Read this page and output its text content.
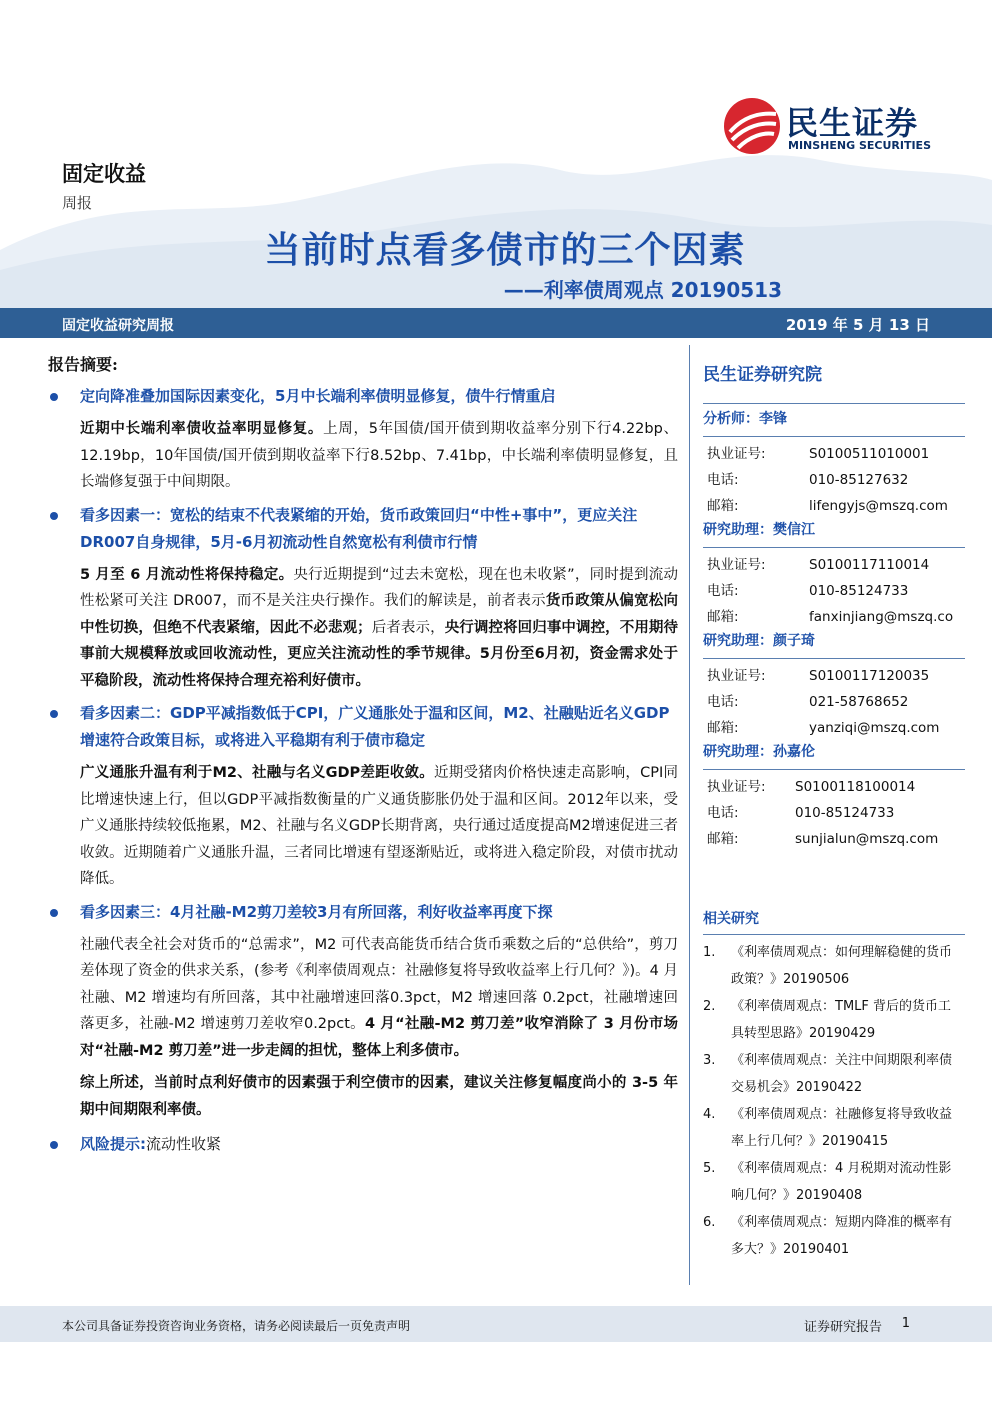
民生证券
MINSHENG SECURITIES
固定收益
周报
当前时点看多债市的三个因素
——利率债周观点 20190513
固定收益研究周报	2019 年 5 月 13 日
报告摘要:
定向降准叠加国际因素变化，5月中长端利率债明显修复，债牛行情重启
近期中长端利率债收益率明显修复。上周，5年国债/国开债到期收益率分别下行4.22bp、12.19bp，10年国债/国开债到期收益率下行8.52bp、7.41bp，中长端利率债明显修复，且长端修复强于中间期限。
看多因素一：宽松的结束不代表紧缩的开始，货币政策回归“中性+事中”，更应关注DR007自身规律，5月-6月初流动性自然宽松有利债市行情
5 月至 6 月流动性将保持稳定。央行近期提到“过去未宽松，现在也未收紧”，同时提到流动性松紧可关注 DR007，而不是关注央行操作。我们的解读是，前者表示货币政策从偏宽松向中性切换，但绝不代表紧缩，因此不必悲观；后者表示，央行调控将回归事中调控，不用期待事前大规模释放或回收流动性，更应关注流动性的季节规律。5月份至6月初，资金需求处于平稳阶段，流动性将保持合理充裕利好债市。
看多因素二：GDP平减指数低于CPI，广义通胀处于温和区间，M2、社融贴近名义GDP增速符合政策目标，或将进入平稳期有利于债市稳定
广义通胀升温有利于M2、社融与名义GDP差距收敛。近期受猪肉价格快速走高影响，CPI同比增速快速上行，但以GDP平减指数衡量的广义通货膨胀仍处于温和区间。2012年以来，受广义通胀持续较低拖累，M2、社融与名义GDP长期背离，央行通过适度提高M2增速促进三者收敛。近期随着广义通胀升温，三者同比增速有望逐渐贴近，或将进入稳定阶段，对债市扰动降低。
看多因素三：4月社融-M2剪刀差较3月有所回落，利好收益率再度下探
社融代表全社会对货币的“总需求”，M2 可代表高能货币结合货币乘数之后的“总供给”，剪刀差体现了资金的供求关系，(参考《利率债周观点：社融修复将导致收益率上行几何？》)。4 月社融、M2 增速均有所回落，其中社融增速回落0.3pct，M2 增速回落 0.2pct，社融增速回落更多，社融-M2 增速剪刀差收窄0.2pct。4 月“社融-M2 剪刀差”收窄消除了 3 月份市场对“社融-M2 剪刀差”进一步走阔的担忧，整体上利多债市。
综上所述，当前时点利好债市的因素强于利空债市的因素，建议关注修复幅度尚小的 3-5 年期中间期限利率债。
风险提示:流动性收紧
民生证券研究院
分析师：李锋
执业证号:	S0100511010001
电话:	010-85127632
邮箱:	lifengyjs@mszq.com
研究助理：樊信江
执业证号:	S0100117110014
电话:	010-85124733
邮箱:	fanxinjiang@mszq.co
研究助理：颜子琦
执业证号:	S0100117120035
电话:	021-58768652
邮箱:	yanziqi@mszq.com
研究助理：孙嘉伦
执业证号: S0100118100014
电话:	010-85124733
邮箱:	sunjialun@mszq.com
相关研究
1. 《利率债周观点：如何理解稳健的货币政策？》20190506
2. 《利率债周观点：TMLF 背后的货币工具转型思路》20190429
3. 《利率债周观点：关注中间期限利率债交易机会》20190422
4. 《利率债周观点：社融修复将导致收益率上行几何？》20190415
5. 《利率债周观点：4 月税期对流动性影响几何？》20190408
6. 《利率债周观点：短期内降准的概率有多大？》20190401
本公司具备证券投资咨询业务资格，请务必阅读最后一页免责声明	证券研究报告 1
